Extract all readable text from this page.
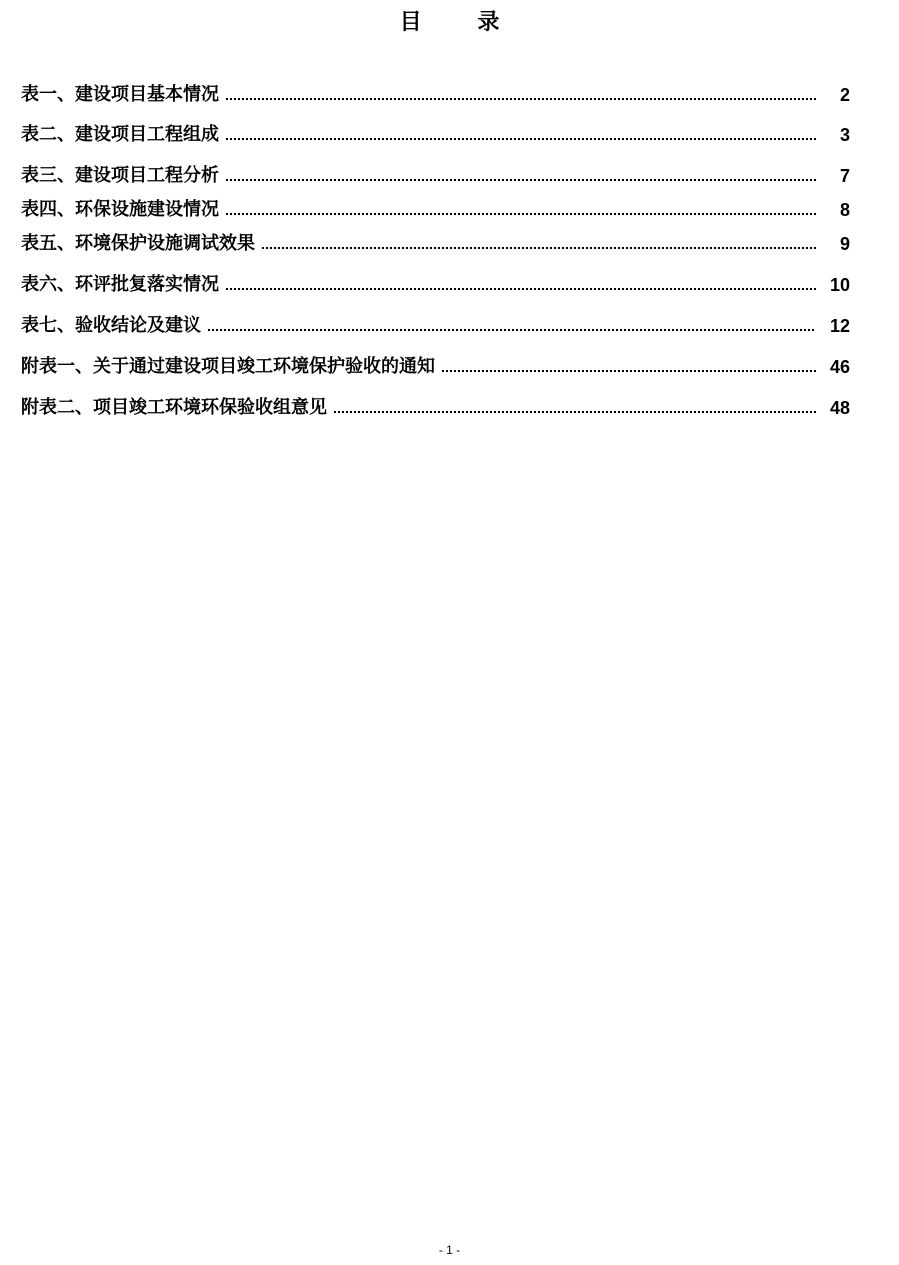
目 录
表一、建设项目基本情况	2
表二、建设项目工程组成	3
表三、建设项目工程分析	7
表四、环保设施建设情况	8
表五、环境保护设施调试效果	9
表六、环评批复落实情况	10
表七、验收结论及建议	12
附表一、关于通过建设项目竣工环境保护验收的通知	46
附表二、项目竣工环境环保验收组意见	48
- 1 -
